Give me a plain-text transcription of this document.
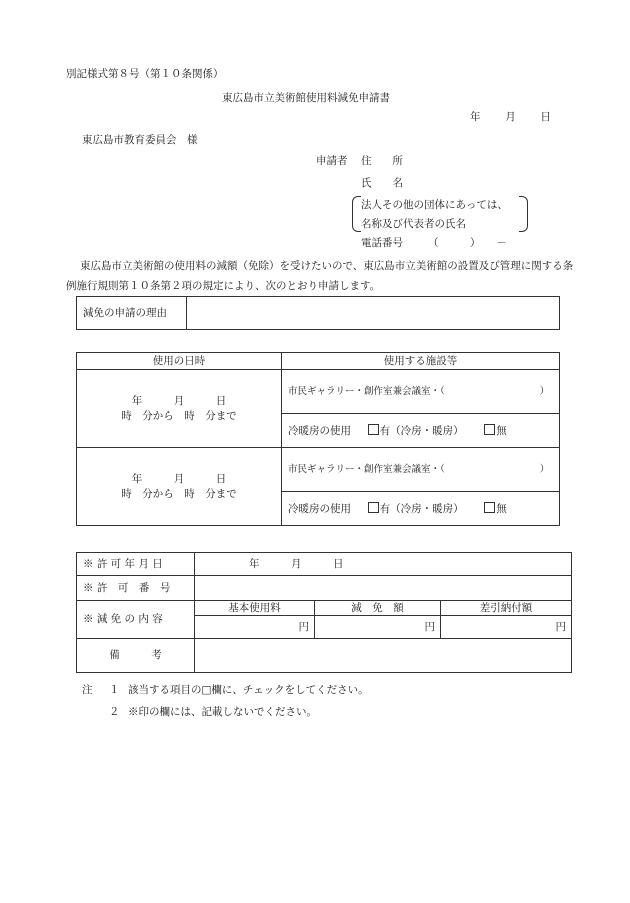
別記様式第８号（第１０条関係）
東広島市立美術館使用料減免申請書
年 月 日
東広島市教育委員会　様
申請者 住　　所
氏　　名
法人その他の団体にあっては、
名称及び代表者の氏名
電話番号 （　　　）　　－
東広島市立美術館の使用料の減額（免除）を受けたいので、東広島市立美術館の設置及び管理に関する条例施行規則第１０条第２項の規定により、次のとおり申請します。
減免の申請の理由	
使用の日時	使用する施設等

年　　　月　　　日
時　分から　時　分まで	市民ギャラリー・創作室兼会議室・（　　　　　　　　　　）
	冷暖房の使用 有（冷房・暖房） 無

年　　　月　　　日
時　分から　時　分まで	市民ギャラリー・創作室兼会議室・（　　　　　　　　　　）
	冷暖房の使用 有（冷房・暖房） 無
※ 許 可 年 月 日	年　　　月　　　日		
※ 許　可　番　号			
※ 減 免 の 内 容	基本使用料	減　免　額	差引納付額
	円	円	円
備　　　考			
注 １ 該当する項目の□欄に、チェックをしてください。
２ ※印の欄には、記載しないでください。
